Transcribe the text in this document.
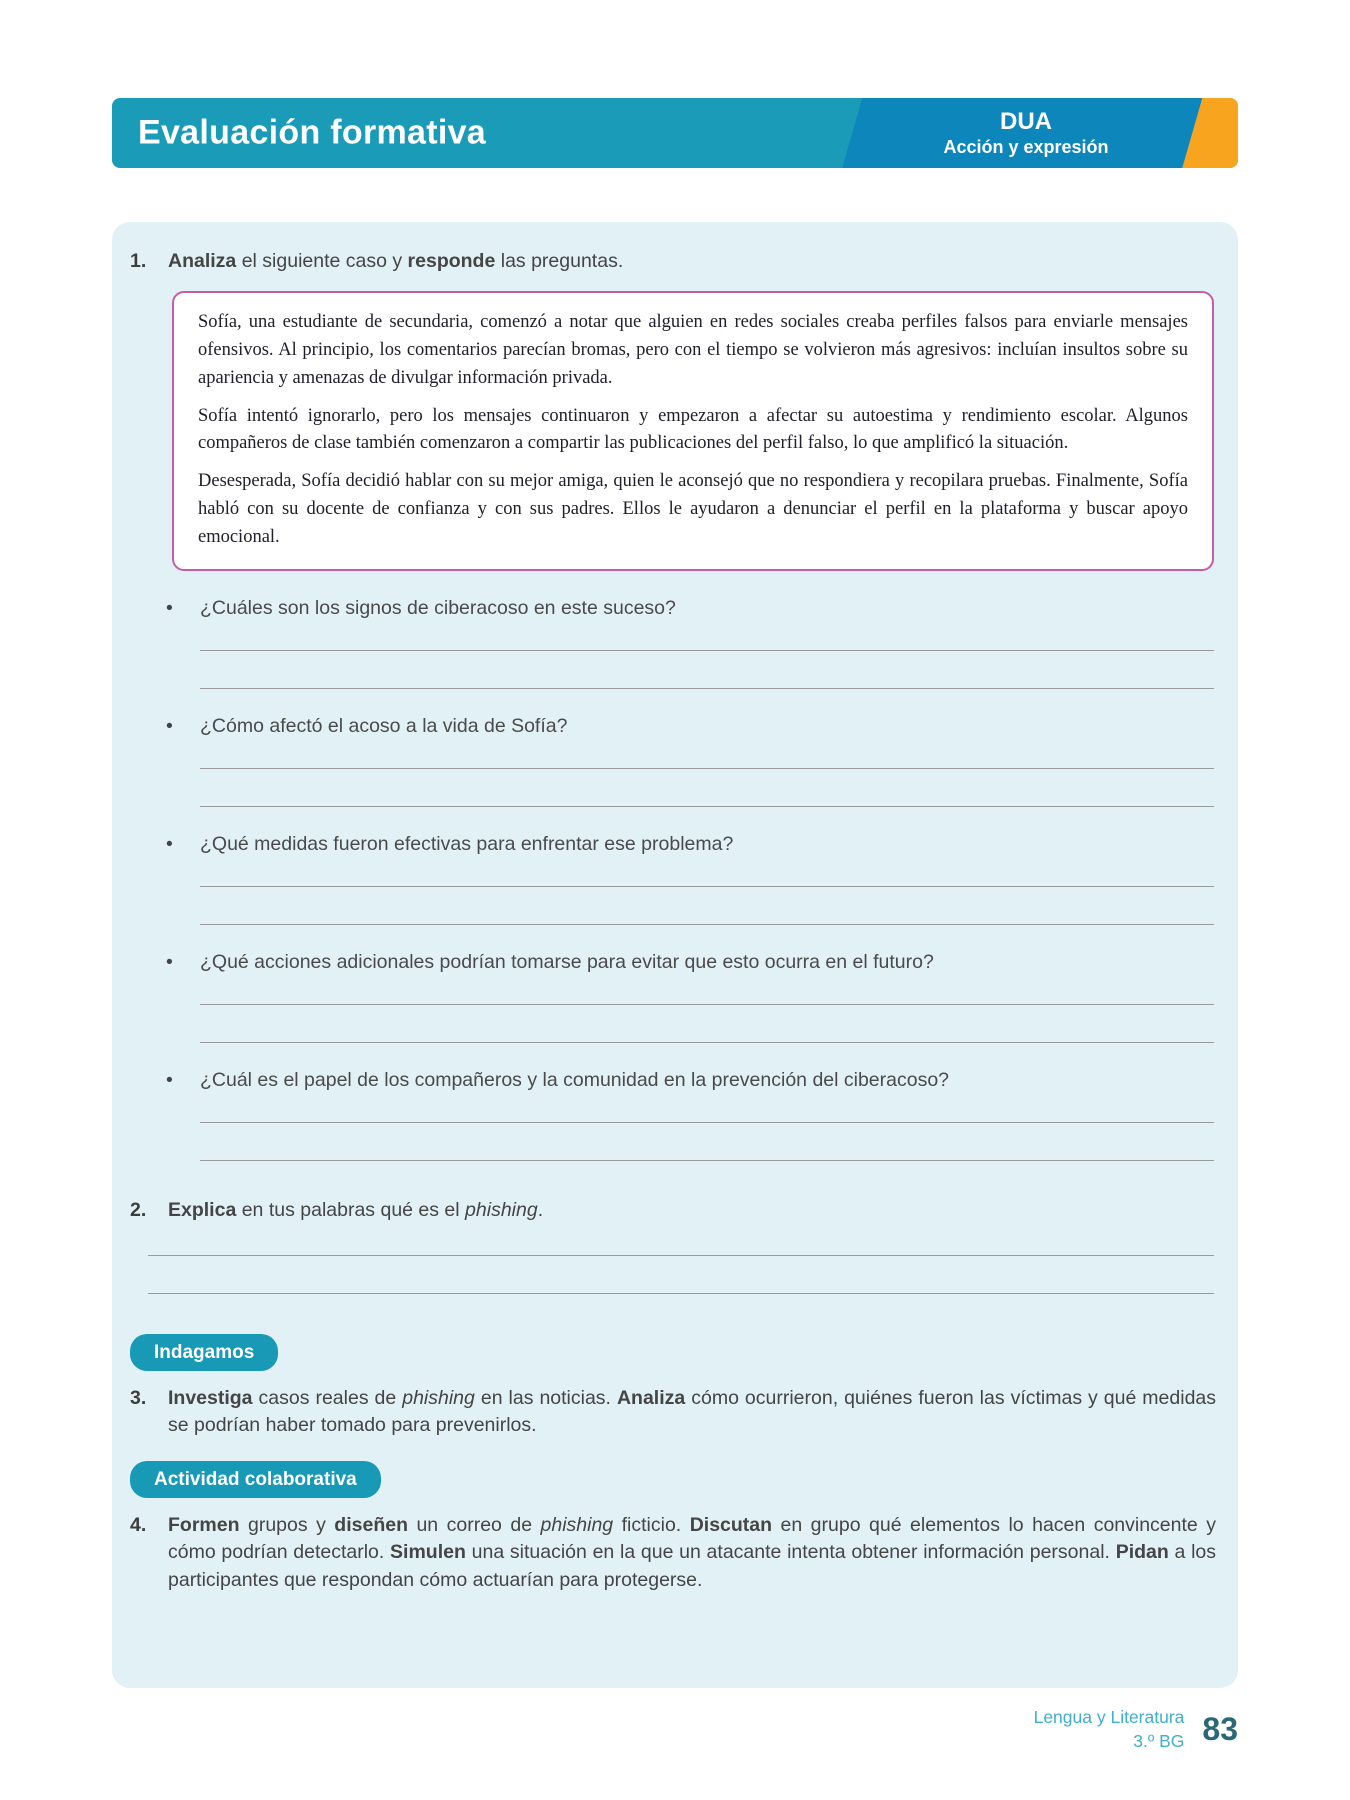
Evaluación formativa	DUA
Acción y expresión
1.	Analiza el siguiente caso y responde las preguntas.

Sofía, una estudiante de secundaria, comenzó a notar que alguien en redes sociales creaba perfiles falsos para enviarle mensajes ofensivos. Al principio, los comentarios parecían bromas, pero con el tiempo se volvieron más agresivos: incluían insultos sobre su apariencia y amenazas de divulgar información privada.

Sofía intentó ignorarlo, pero los mensajes continuaron y empezaron a afectar su autoestima y rendimiento escolar. Algunos compañeros de clase también comenzaron a compartir las publicaciones del perfil falso, lo que amplificó la situación.

Desesperada, Sofía decidió hablar con su mejor amiga, quien le aconsejó que no respondiera y recopilara pruebas. Finalmente, Sofía habló con su docente de confianza y con sus padres. Ellos le ayudaron a denunciar el perfil en la plataforma y buscar apoyo emocional.

•	¿Cuáles son los signos de ciberacoso en este suceso?
•	¿Cómo afectó el acoso a la vida de Sofía?
•	¿Qué medidas fueron efectivas para enfrentar ese problema?
•	¿Qué acciones adicionales podrían tomarse para evitar que esto ocurra en el futuro?
•	¿Cuál es el papel de los compañeros y la comunidad en la prevención del ciberacoso?
2.	Explica en tus palabras qué es el phishing.
Indagamos
3.	Investiga casos reales de phishing en las noticias. Analiza cómo ocurrieron, quiénes fueron las víctimas y qué medidas se podrían haber tomado para prevenirlos.
Actividad colaborativa
4.	Formen grupos y diseñen un correo de phishing ficticio. Discutan en grupo qué elementos lo hacen convincente y cómo podrían detectarlo. Simulen una situación en la que un atacante intenta obtener información personal. Pidan a los participantes que respondan cómo actuarían para protegerse.
Lengua y Literatura
3.º BG 83
